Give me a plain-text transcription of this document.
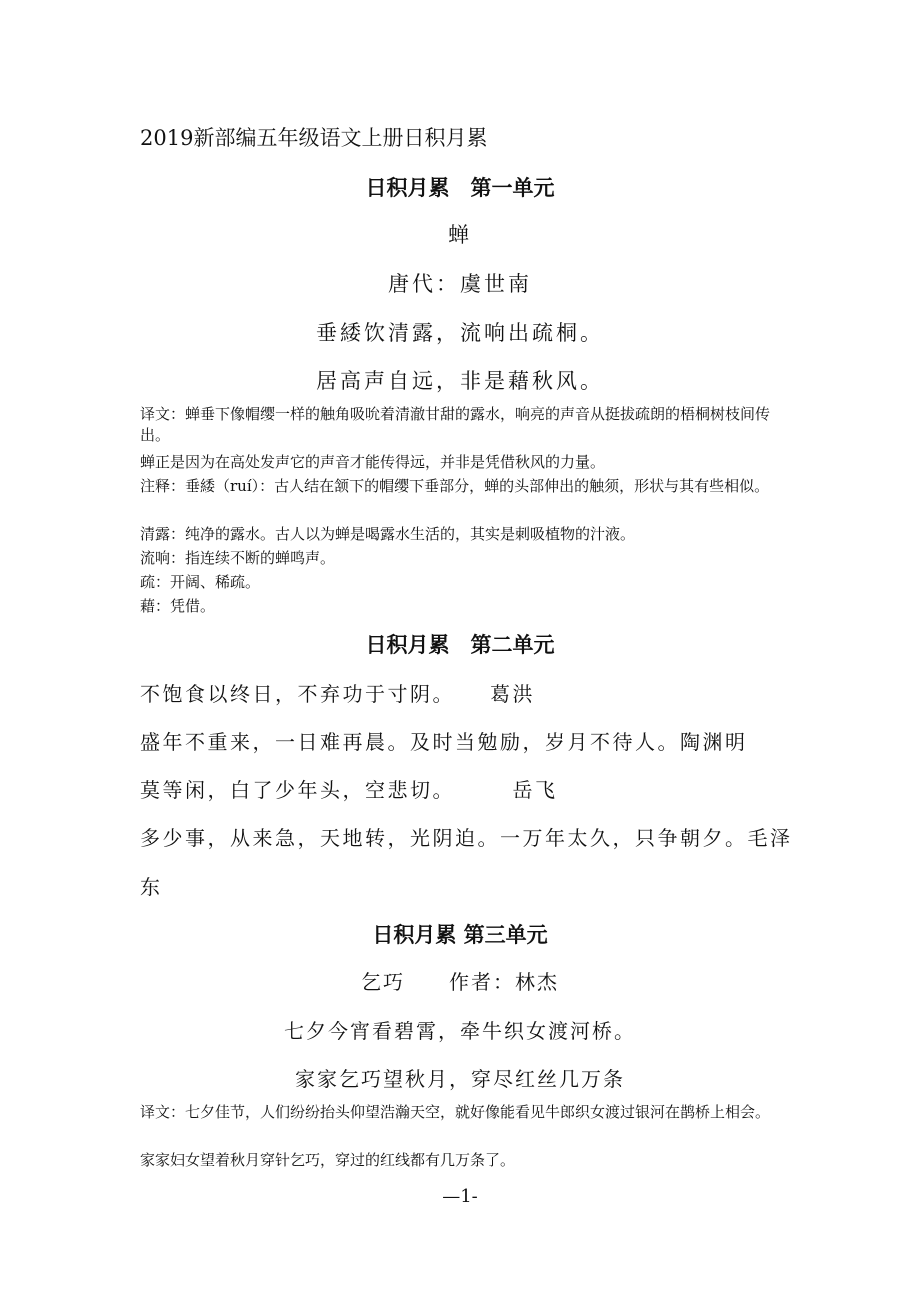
2019新部编五年级语文上册日积月累
日积月累　第一单元
蝉
唐代：虞世南
垂緌饮清露，流响出疏桐。
居高声自远，非是藉秋风。
译文：蝉垂下像帽缨一样的触角吸吮着清澈甘甜的露水，响亮的声音从挺拔疏朗的梧桐树枝间传出。
蝉正是因为在高处发声它的声音才能传得远，并非是凭借秋风的力量。
注释：垂緌（ruí）：古人结在颔下的帽缨下垂部分，蝉的头部伸出的触须，形状与其有些相似。
清露：纯净的露水。古人以为蝉是喝露水生活的，其实是刺吸植物的汁液。
流响：指连续不断的蝉鸣声。
疏：开阔、稀疏。
藉：凭借。
日积月累　第二单元
不饱食以终日，不弃功于寸阴。　　葛洪
盛年不重来，一日难再晨。及时当勉励，岁月不待人。陶渊明
莫等闲，白了少年头，空悲切。　　　岳飞
多少事，从来急，天地转，光阴迫。一万年太久，只争朝夕。毛泽
东
日积月累 第三单元
乞巧　　作者：林杰
七夕今宵看碧霄，牵牛织女渡河桥。
家家乞巧望秋月，穿尽红丝几万条
译文：七夕佳节，人们纷纷抬头仰望浩瀚天空，就好像能看见牛郎织女渡过银河在鹊桥上相会。
家家妇女望着秋月穿针乞巧，穿过的红线都有几万条了。
—1-
